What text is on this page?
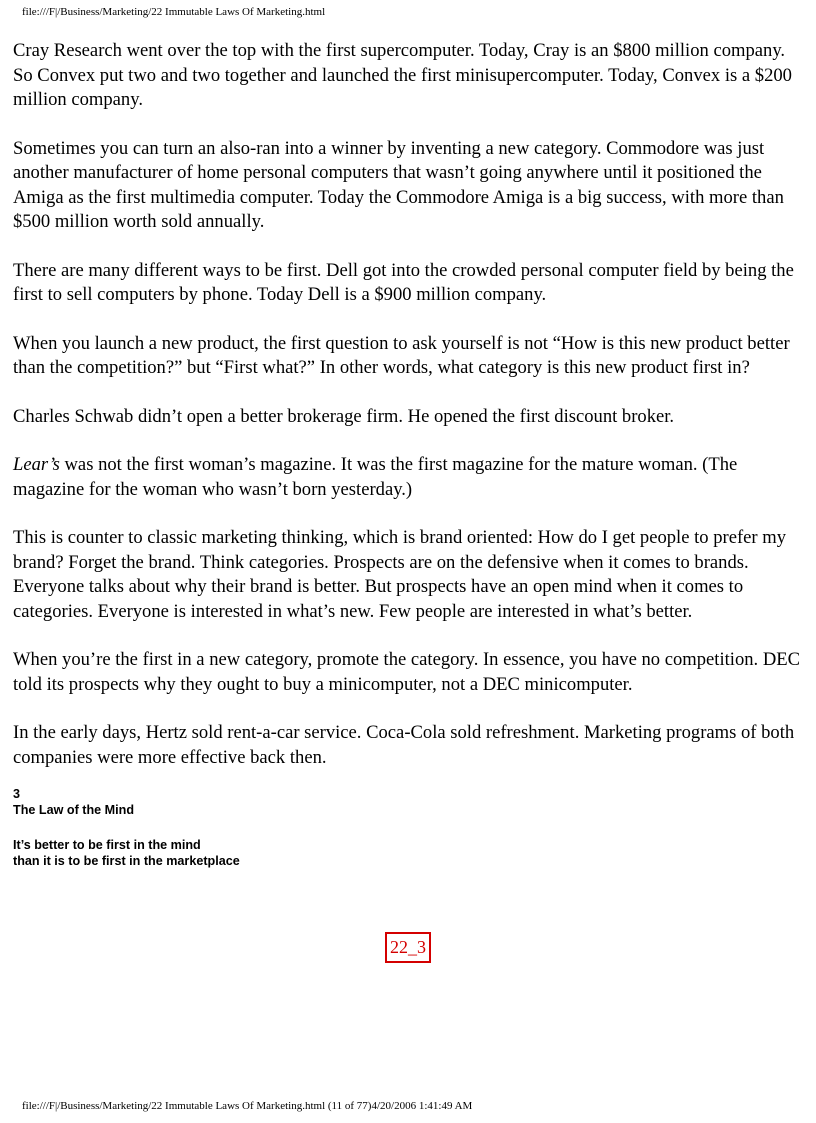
file:///F|/Business/Marketing/22 Immutable Laws Of Marketing.html

Cray Research went over the top with the first supercomputer. Today, Cray is an $800 million company. So Convex put two and two together and launched the first minisupercomputer. Today, Convex is a $200 million company.

Sometimes you can turn an also-ran into a winner by inventing a new category. Commodore was just another manufacturer of home personal computers that wasn’t going anywhere until it positioned the Amiga as the first multimedia computer. Today the Commodore Amiga is a big success, with more than $500 million worth sold annually.

There are many different ways to be first. Dell got into the crowded personal computer field by being the first to sell computers by phone. Today Dell is a $900 million company.

When you launch a new product, the first question to ask yourself is not “How is this new product better than the competition?” but “First what?” In other words, what category is this new product first in?

Charles Schwab didn’t open a better brokerage firm. He opened the first discount broker.

Lear’s was not the first woman’s magazine. It was the first magazine for the mature woman. (The magazine for the woman who wasn’t born yesterday.)

This is counter to classic marketing thinking, which is brand oriented: How do I get people to prefer my brand? Forget the brand. Think categories. Prospects are on the defensive when it comes to brands. Everyone talks about why their brand is better. But prospects have an open mind when it comes to categories. Everyone is interested in what’s new. Few people are interested in what’s better.

When you’re the first in a new category, promote the category. In essence, you have no competition. DEC told its prospects why they ought to buy a minicomputer, not a DEC minicomputer.

In the early days, Hertz sold rent-a-car service. Coca-Cola sold refreshment. Marketing programs of both companies were more effective back then.

3
The Law of the Mind
It’s better to be first in the mind
than it is to be first in the marketplace
22_3
file:///F|/Business/Marketing/22 Immutable Laws Of Marketing.html (11 of 77)4/20/2006 1:41:49 AM
